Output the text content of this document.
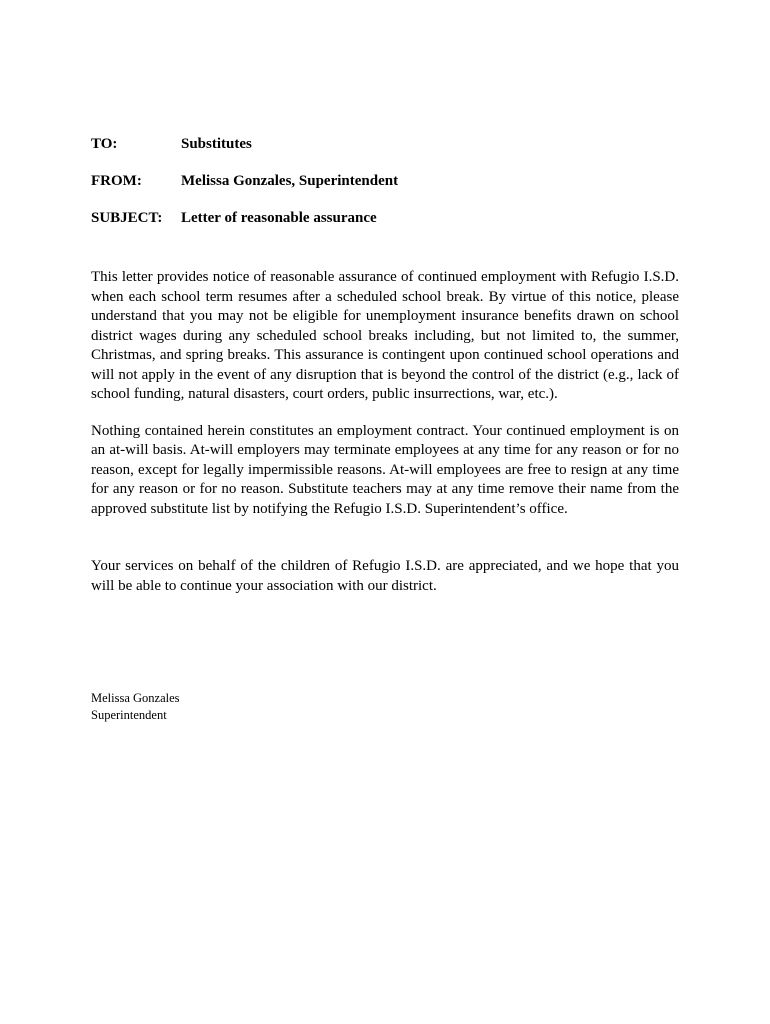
TO:	Substitutes
FROM:	Melissa Gonzales, Superintendent
SUBJECT:	Letter of reasonable assurance

This letter provides notice of reasonable assurance of continued employment with Refugio I.S.D. when each school term resumes after a scheduled school break. By virtue of this notice, please understand that you may not be eligible for unemployment insurance benefits drawn on school district wages during any scheduled school breaks including, but not limited to, the summer, Christmas, and spring breaks. This assurance is contingent upon continued school operations and will not apply in the event of any disruption that is beyond the control of the district (e.g., lack of school funding, natural disasters, court orders, public insurrections, war, etc.).

Nothing contained herein constitutes an employment contract. Your continued employment is on an at-will basis. At-will employers may terminate employees at any time for any reason or for no reason, except for legally impermissible reasons. At-will employees are free to resign at any time for any reason or for no reason. Substitute teachers may at any time remove their name from the approved substitute list by notifying the Refugio I.S.D. Superintendent’s office.

Your services on behalf of the children of Refugio I.S.D. are appreciated, and we hope that you will be able to continue your association with our district.

Melissa Gonzales
Superintendent
